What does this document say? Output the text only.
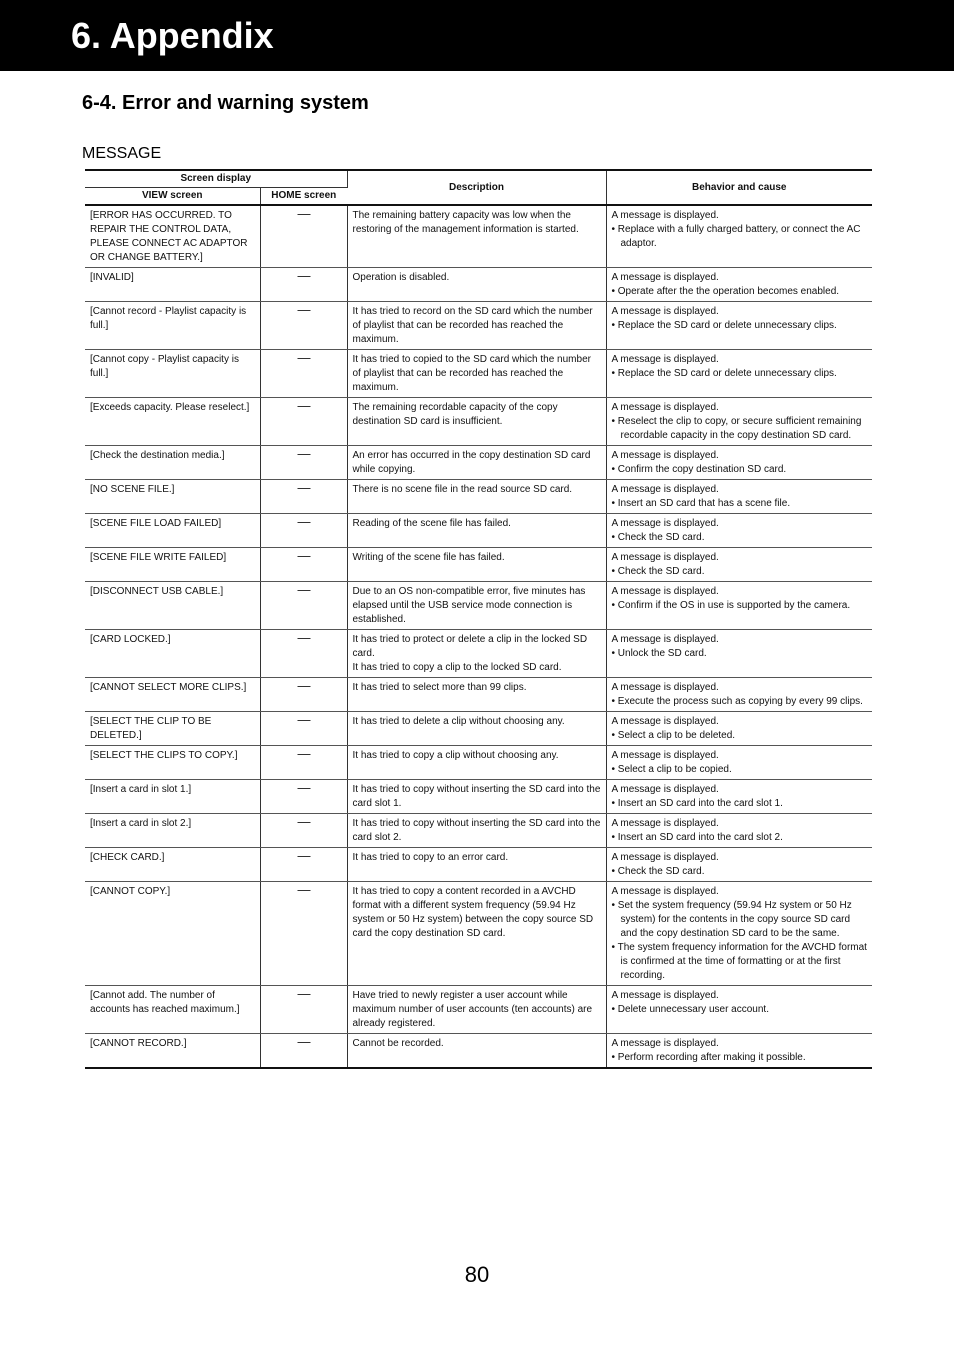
6. Appendix
6-4. Error and warning system
MESSAGE
Screen display		Description	Behavior and cause
VIEW screen	HOME screen		
[ERROR HAS OCCURRED. TO REPAIR THE CONTROL DATA, PLEASE CONNECT AC ADAPTOR OR CHANGE BATTERY.]	—	The remaining battery capacity was low when the restoring of the management information is started.	A message is displayed.
• Replace with a fully charged battery, or connect the AC adaptor.

[INVALID]	—	Operation is disabled.	A message is displayed.
• Operate after the the operation becomes enabled.

[Cannot record - Playlist capacity is full.]	—	It has tried to record on the SD card which the number of playlist that can be recorded has reached the maximum.	A message is displayed.
• Replace the SD card or delete unnecessary clips.

[Cannot copy - Playlist capacity is full.]	—	It has tried to copied to the SD card which the number of playlist that can be recorded has reached the maximum.	A message is displayed.
• Replace the SD card or delete unnecessary clips.

[Exceeds capacity. Please reselect.]	—	The remaining recordable capacity of the copy destination SD card is insufficient.	A message is displayed.
• Reselect the clip to copy, or secure sufficient remaining recordable capacity in the copy destination SD card.

[Check the destination media.]	—	An error has occurred in the copy destination SD card while copying.	A message is displayed.
• Confirm the copy destination SD card.

[NO SCENE FILE.]	—	There is no scene file in the read source SD card.	A message is displayed.
• Insert an SD card that has a scene file.

[SCENE FILE LOAD FAILED]	—	Reading of the scene file has failed.	A message is displayed.
• Check the SD card.

[SCENE FILE WRITE FAILED]	—	Writing of the scene file has failed.	A message is displayed.
• Check the SD card.

[DISCONNECT USB CABLE.]	—	Due to an OS non-compatible error, five minutes has elapsed until the USB service mode connection is established.	A message is displayed.
• Confirm if the OS in use is supported by the camera.

[CARD LOCKED.]	—	It has tried to protect or delete a clip in the locked SD card.
It has tried to copy a clip to the locked SD card.	A message is displayed.
• Unlock the SD card.

[CANNOT SELECT MORE CLIPS.]	—	It has tried to select more than 99 clips.	A message is displayed.
• Execute the process such as copying by every 99 clips.

[SELECT THE CLIP TO BE DELETED.]	—	It has tried to delete a clip without choosing any.	A message is displayed.
• Select a clip to be deleted.

[SELECT THE CLIPS TO COPY.]	—	It has tried to copy a clip without choosing any.	A message is displayed.
• Select a clip to be copied.

[Insert a card in slot 1.]	—	It has tried to copy without inserting the SD card into the card slot 1.	A message is displayed.
• Insert an SD card into the card slot 1.

[Insert a card in slot 2.]	—	It has tried to copy without inserting the SD card into the card slot 2.	A message is displayed.
• Insert an SD card into the card slot 2.

[CHECK CARD.]	—	It has tried to copy to an error card.	A message is displayed.
• Check the SD card.

[CANNOT COPY.]	—	It has tried to copy a content recorded in a AVCHD format with a different system frequency (59.94 Hz system or 50 Hz system) between the copy source SD card the copy destination SD card.	A message is displayed.
• Set the system frequency (59.94 Hz system or 50 Hz system) for the contents in the copy source SD card and the copy destination SD card to be the same.
• The system frequency information for the AVCHD format is confirmed at the time of formatting or at the first recording.

[Cannot add. The number of accounts has reached maximum.]	—	Have tried to newly register a user account while maximum number of user accounts (ten accounts) are already registered.	A message is displayed.
• Delete unnecessary user account.

[CANNOT RECORD.]	—	Cannot be recorded.	A message is displayed.
• Perform recording after making it possible.
80
